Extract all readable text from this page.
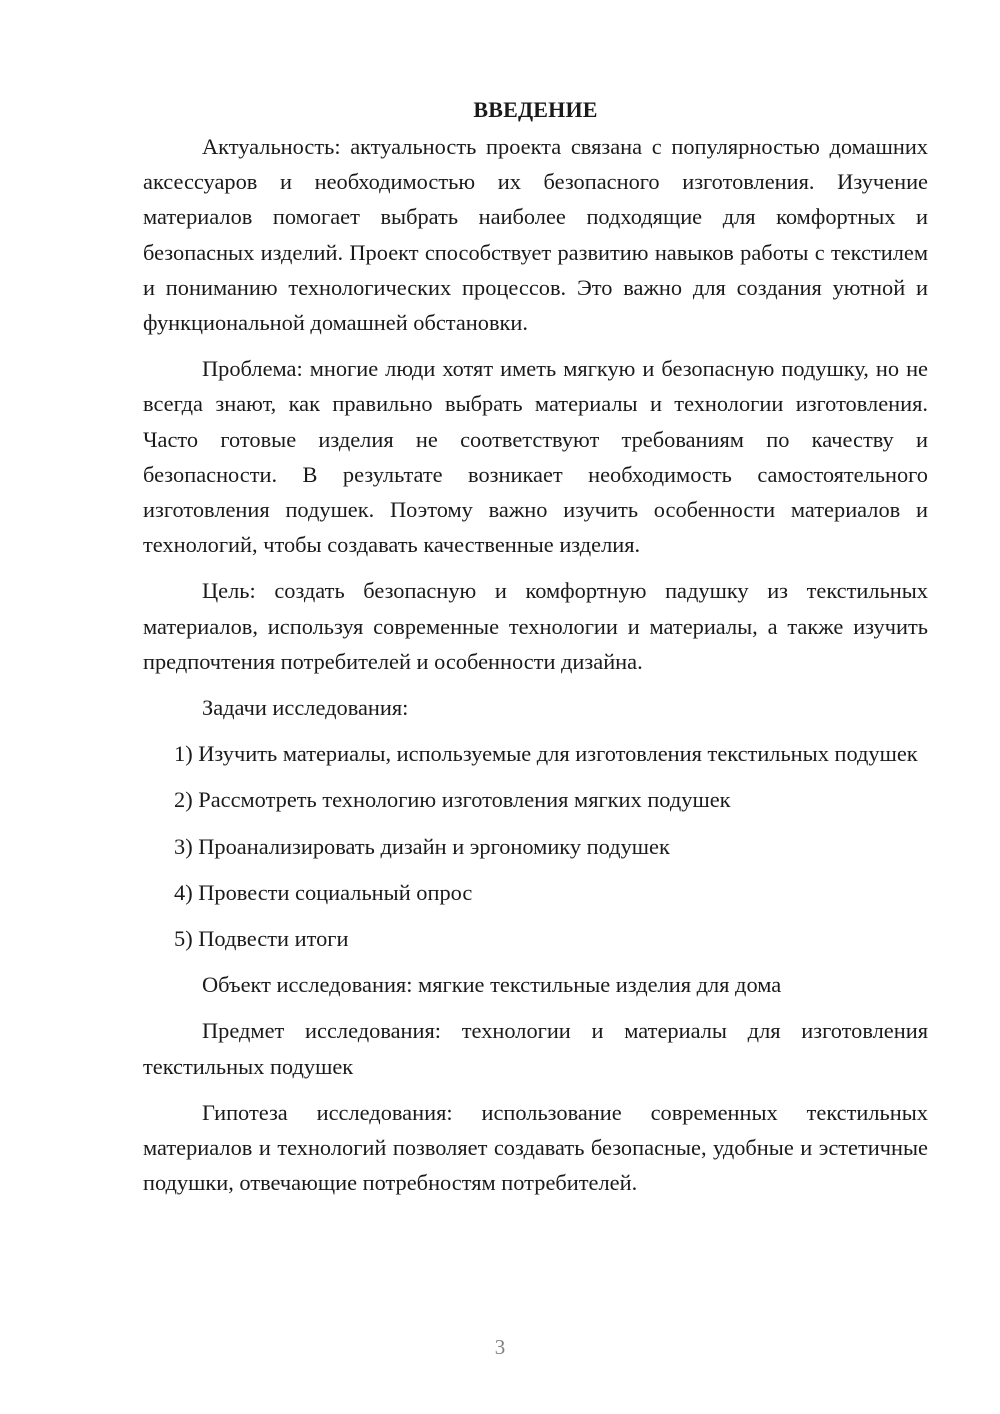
ВВЕДЕНИЕ

Актуальность: актуальность проекта связана с популярностью домашних аксессуаров и необходимостью их безопасного изготовления. Изучение материалов помогает выбрать наиболее подходящие для комфортных и безопасных изделий. Проект способствует развитию навыков работы с текстилем и пониманию технологических процессов. Это важно для создания уютной и функциональной домашней обстановки.

Проблема: многие люди хотят иметь мягкую и безопасную подушку, но не всегда знают, как правильно выбрать материалы и технологии изготовления. Часто готовые изделия не соответствуют требованиям по качеству и безопасности. В результате возникает необходимость самостоятельного изготовления подушек. Поэтому важно изучить особенности материалов и технологий, чтобы создавать качественные изделия.

Цель: создать безопасную и комфортную падушку из текстильных материалов, используя современные технологии и материалы, а также изучить предпочтения потребителей и особенности дизайна.

Задачи исследования:

1) Изучить материалы, используемые для изготовления текстильных подушек

2) Рассмотреть технологию изготовления мягких подушек

3) Проанализировать дизайн и эргономику подушек

4) Провести социальный опрос

5) Подвести итоги

Объект исследования: мягкие текстильные изделия для дома

Предмет исследования: технологии и материалы для изготовления текстильных подушек

Гипотеза исследования: использование современных текстильных материалов и технологий позволяет создавать безопасные, удобные и эстетичные подушки, отвечающие потребностям потребителей.

3
